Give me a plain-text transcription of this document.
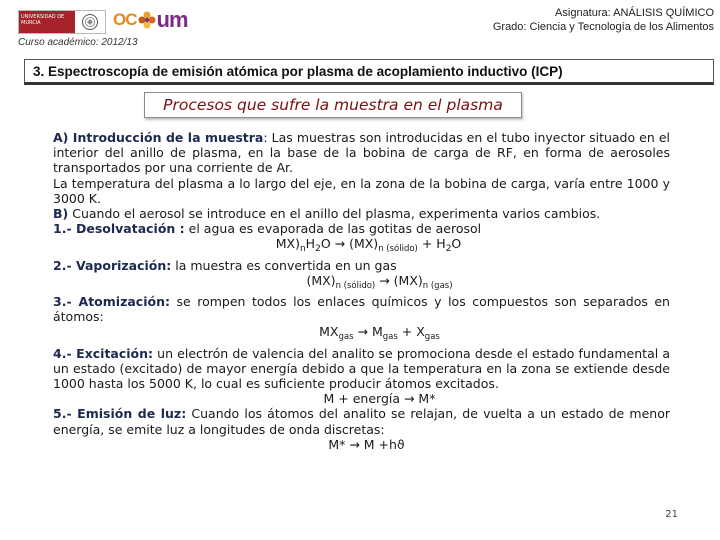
UNIVERSIDAD DE MURCIA	OC um
Curso académico: 2012/13
Asignatura: ANÁLISIS QUÍMICO
Grado: Ciencia y Tecnología de los Alimentos
3. Espectroscopía de emisión atómica por plasma de acoplamiento inductivo (ICP)
Procesos que sufre la muestra en el plasma

A) Introducción de la muestra: Las muestras son introducidas en el tubo inyector situado en el interior del anillo de plasma, en la base de la bobina de carga de RF, en forma de aerosoles transportados por una corriente de Ar.

La temperatura del plasma a lo largo del eje, en la zona de la bobina de carga, varía entre 1000 y 3000 K.

B) Cuando el aerosol se introduce en el anillo del plasma, experimenta varios cambios.

1.- Desolvatación : el agua es evaporada de las gotitas de aerosol

$MX)_nH_2O \to (MX)_{n (sólido)} + H_2O$

2.- Vaporización: la muestra es convertida en un gas

$(MX)_{n (sólido)} \to (MX)_{n (gas)}$

3.- Atomización: se rompen todos los enlaces químicos y los compuestos son separados en átomos:

$MX_{gas} \to M_{gas} + X_{gas}$

4.- Excitación: un electrón de valencia del analito se promociona desde el estado fundamental a un estado (excitado) de mayor energía debido a que la temperatura en la zona se extiende desde 1000 hasta los 5000 K, lo cual es suficiente producir átomos excitados.

M + energía → M*

5.- Emisión de luz: Cuando los átomos del analito se relajan, de vuelta a un estado de menor energía, se emite luz a longitudes de onda discretas:

M* → M +hϑ

21
